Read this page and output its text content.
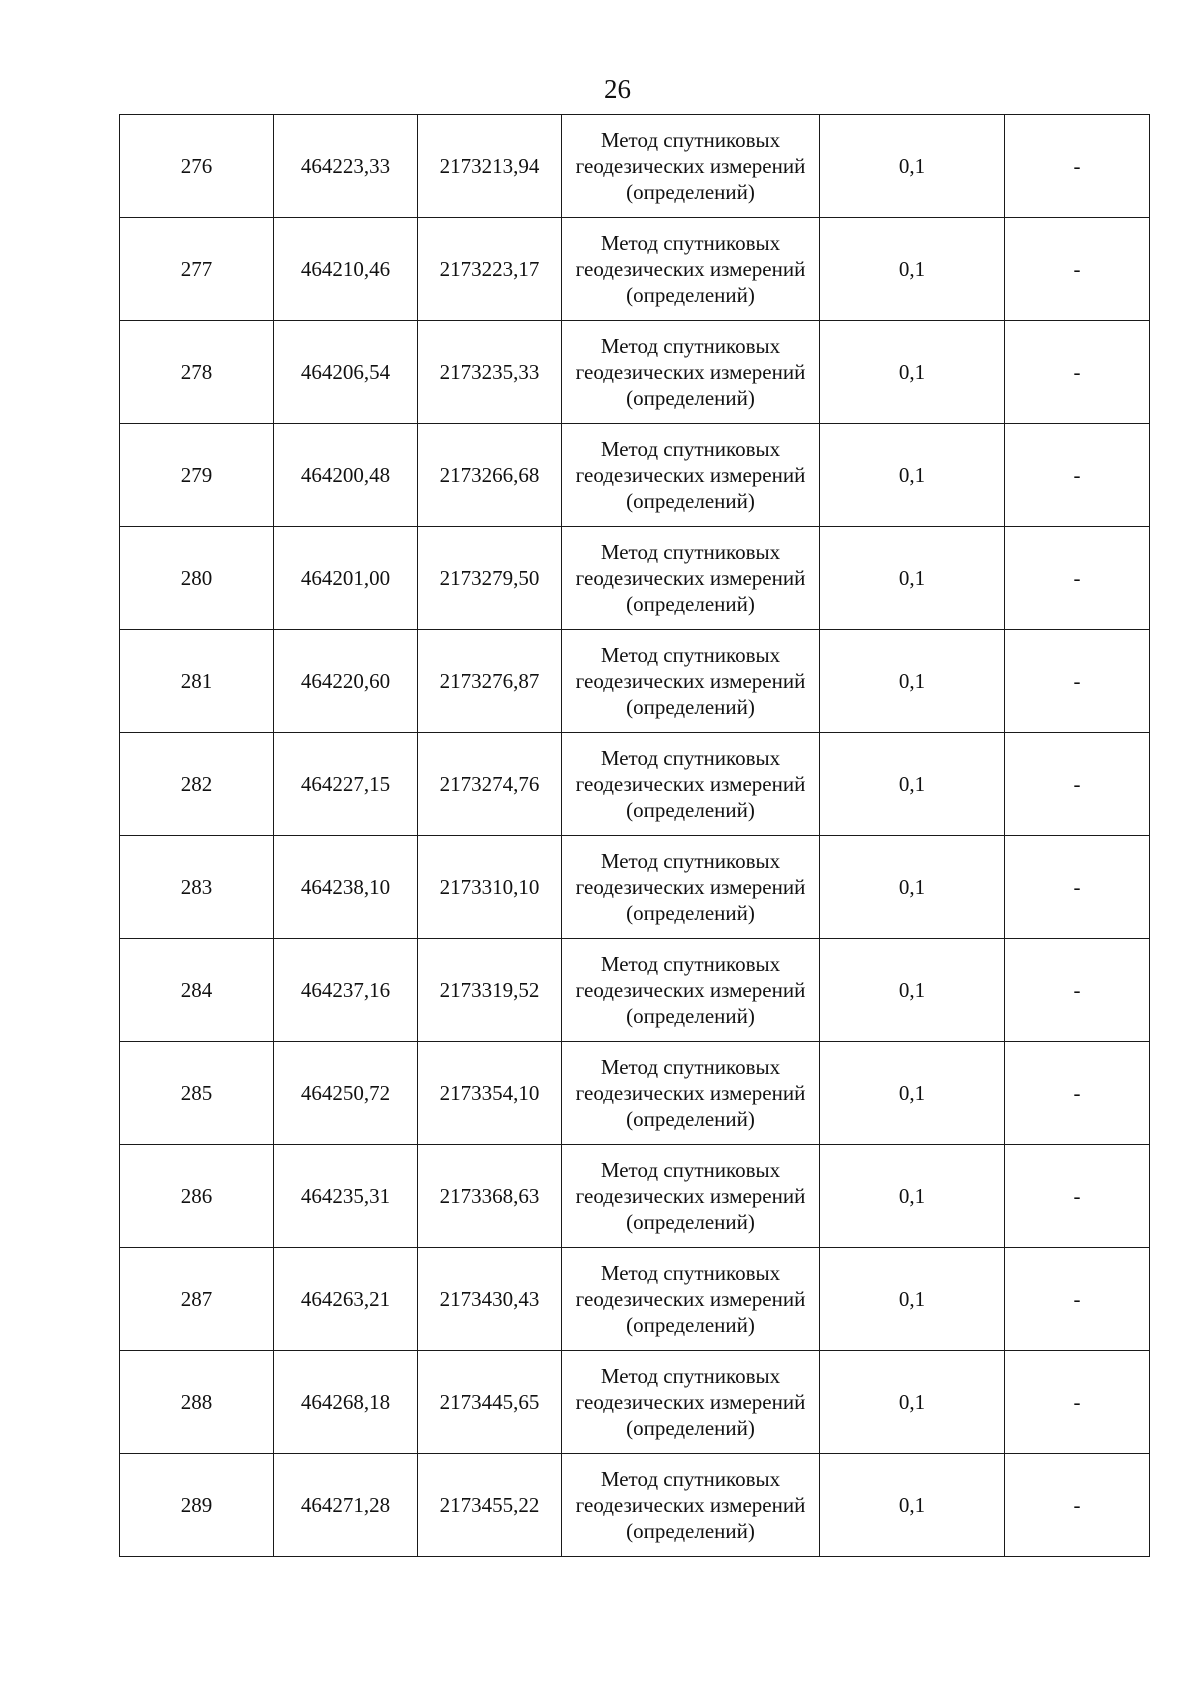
26
276	464223,33	2173213,94	Метод спутниковых
геодезических измерений
(определений)	0,1	-
277	464210,46	2173223,17	Метод спутниковых
геодезических измерений
(определений)	0,1	-
278	464206,54	2173235,33	Метод спутниковых
геодезических измерений
(определений)	0,1	-
279	464200,48	2173266,68	Метод спутниковых
геодезических измерений
(определений)	0,1	-
280	464201,00	2173279,50	Метод спутниковых
геодезических измерений
(определений)	0,1	-
281	464220,60	2173276,87	Метод спутниковых
геодезических измерений
(определений)	0,1	-
282	464227,15	2173274,76	Метод спутниковых
геодезических измерений
(определений)	0,1	-
283	464238,10	2173310,10	Метод спутниковых
геодезических измерений
(определений)	0,1	-
284	464237,16	2173319,52	Метод спутниковых
геодезических измерений
(определений)	0,1	-
285	464250,72	2173354,10	Метод спутниковых
геодезических измерений
(определений)	0,1	-
286	464235,31	2173368,63	Метод спутниковых
геодезических измерений
(определений)	0,1	-
287	464263,21	2173430,43	Метод спутниковых
геодезических измерений
(определений)	0,1	-
288	464268,18	2173445,65	Метод спутниковых
геодезических измерений
(определений)	0,1	-
289	464271,28	2173455,22	Метод спутниковых
геодезических измерений
(определений)	0,1	-
